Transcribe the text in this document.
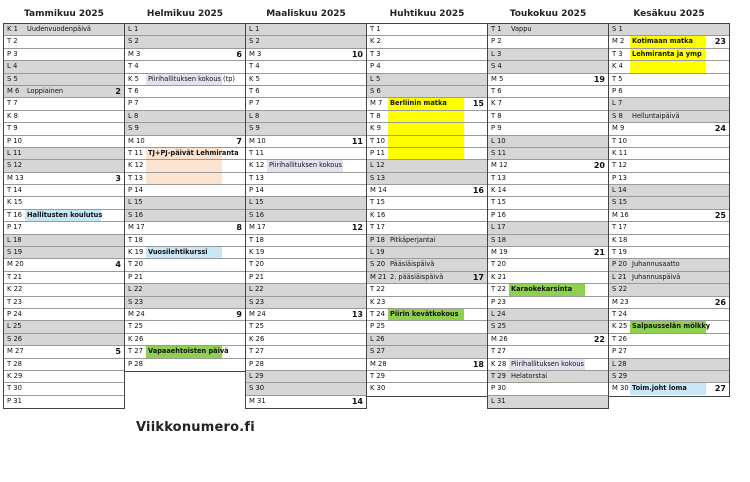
Viikkonumero.fi
Tammikuu 2025
K 1	Uudenvuodenpäivä
T 2
P 3
L 4
S 5
M 6	Loppiainen	2
T 7
K 8
T 9
P 10
L 11
S 12
M 13	3
T 14
K 15
T 16 Hallitusten koulutus
P 17
L 18
S 19
M 20	4
T 21
K 22
T 23
P 24
L 25
S 26
M 27	5
T 28
K 29
T 30
P 31
Helmikuu 2025
L 1
S 2
M 3	6
T 4
K 5	Piirihallituksen kokous (tp)
T 6
P 7
L 8
S 9
M 10	7
T 11 TJ+PJ-päivät Lehmiranta
K 12
T 13
P 14
L 15
S 16
M 17	8
T 18
K 19 Vuosilehtikurssi
T 20
P 21
L 22
S 23
M 24	9
T 25
K 26
T 27 Vapaaehtoisten päivä
P 28
Maaliskuu 2025
L 1
S 2
M 3	10
T 4
K 5
T 6
P 7
L 8
S 9
M 10	11
T 11
K 12 Piirihallituksen kokous
T 13
P 14
L 15
S 16
M 17	12
T 18
K 19
T 20
P 21
L 22
S 23
M 24	13
T 25
K 26
T 27
P 28
L 29
S 30
M 31	14
Huhtikuu 2025
T 1
K 2
T 3
P 4
L 5
S 6
M 7	Berliinin matka	15
T 8
K 9
T 10
P 11
L 12
S 13
M 14	16
T 15
K 16
T 17
P 18 Pitkäperjantai
L 19
S 20 Pääsiäispäivä
M 21 2. pääsiäispäivä	17
T 22
K 23
T 24 Piirin kevätkokous
P 25
L 26
S 27
M 28	18
T 29
K 30
Toukokuu 2025
T 1	Vappu
P 2
L 3
S 4
M 5	19
T 6
K 7
T 8
P 9
L 10
S 11
M 12	20
T 13
K 14
T 15
P 16
L 17
S 18
M 19	21
T 20
K 21
T 22 Karaokekarsinta
P 23
L 24
S 25
M 26	22
T 27
K 28 Piirihallituksen kokous
T 29 Helatorstai
P 30
L 31
Kesäkuu 2025
S 1
M 2	Kotimaan matka	23
T 3	Lehmiranta ja ymp
K 4
T 5
P 6
L 7
S 8	Helluntaipäivä
M 9	24
T 10
K 11
T 12
P 13
L 14
S 15
M 16	25
T 17
K 18
T 19
P 20 Juhannusaatto
L 21 Juhannuspäivä
S 22
M 23	26
T 24
K 25 Salpausselän mölkky
T 26
P 27
L 28
S 29
M 30 Toim.joht loma	27
